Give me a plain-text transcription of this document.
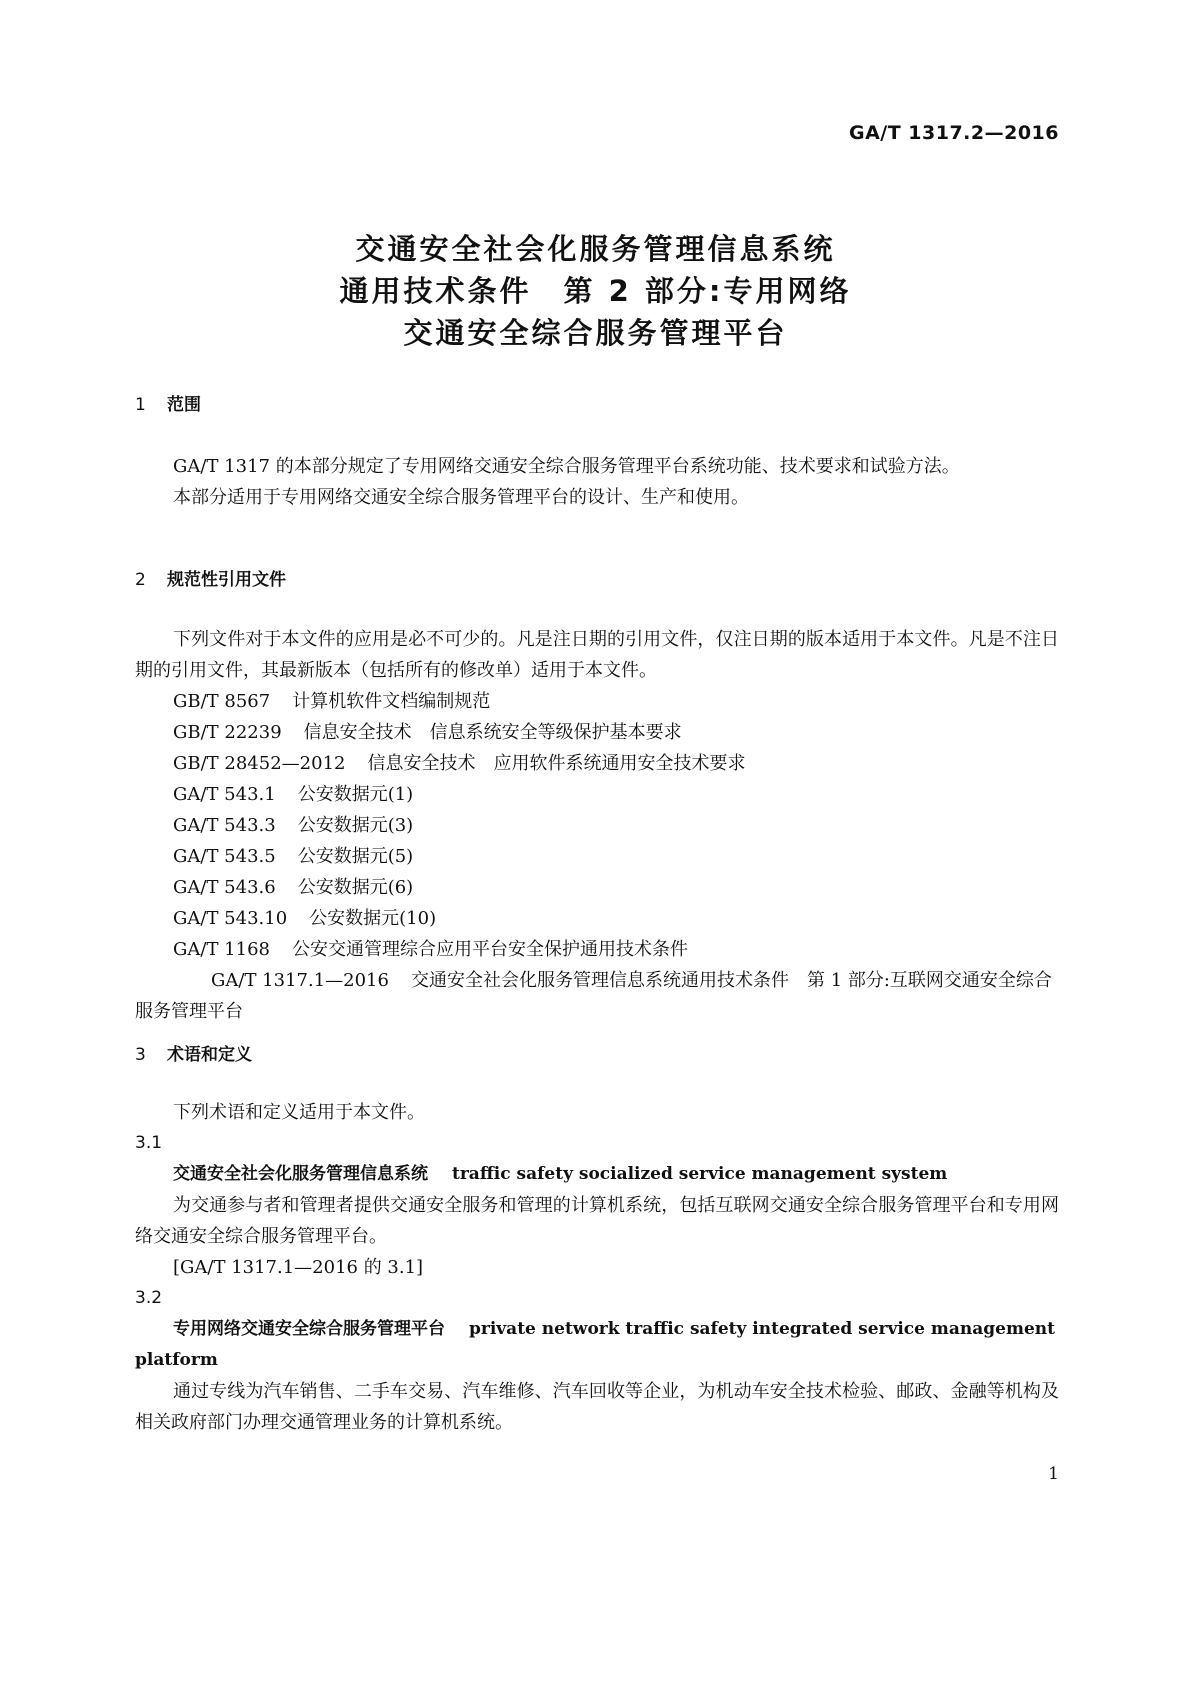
GA/T 1317.2—2016
交通安全社会化服务管理信息系统
通用技术条件　第 2 部分:专用网络
交通安全综合服务管理平台
1 范围

GA/T 1317 的本部分规定了专用网络交通安全综合服务管理平台系统功能、技术要求和试验方法。

本部分适用于专用网络交通安全综合服务管理平台的设计、生产和使用。

2 规范性引用文件

下列文件对于本文件的应用是必不可少的。凡是注日期的引用文件，仅注日期的版本适用于本文件。凡是不注日期的引用文件，其最新版本（包括所有的修改单）适用于本文件。

GB/T 8567 计算机软件文档编制规范
GB/T 22239 信息安全技术　信息系统安全等级保护基本要求
GB/T 28452—2012 信息安全技术　应用软件系统通用安全技术要求
GA/T 543.1 公安数据元(1)
GA/T 543.3 公安数据元(3)
GA/T 543.5 公安数据元(5)
GA/T 543.6 公安数据元(6)
GA/T 543.10 公安数据元(10)
GA/T 1168 公安交通管理综合应用平台安全保护通用技术条件
GA/T 1317.1—2016 交通安全社会化服务管理信息系统通用技术条件　第 1 部分:互联网交通安全综合服务管理平台
3 术语和定义

下列术语和定义适用于本文件。

3.1
交通安全社会化服务管理信息系统 traffic safety socialized service management system

为交通参与者和管理者提供交通安全服务和管理的计算机系统，包括互联网交通安全综合服务管理平台和专用网络交通安全综合服务管理平台。

[GA/T 1317.1—2016 的 3.1]
3.2
专用网络交通安全综合服务管理平台 private network traffic safety integrated service management platform

通过专线为汽车销售、二手车交易、汽车维修、汽车回收等企业，为机动车安全技术检验、邮政、金融等机构及相关政府部门办理交通管理业务的计算机系统。

1
